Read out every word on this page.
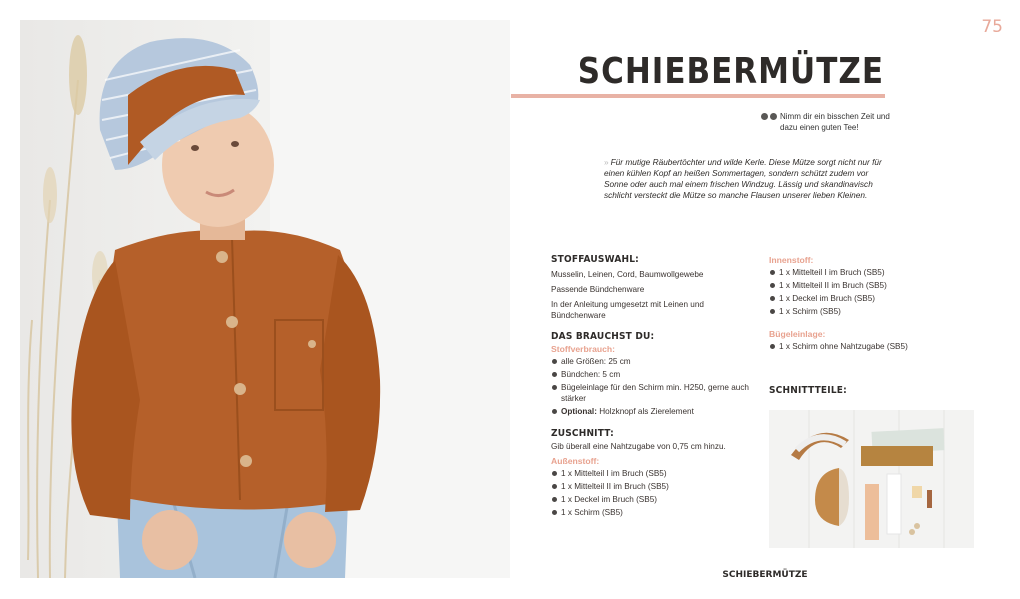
75
SCHIEBERMÜTZE
Nimm dir ein bisschen Zeit und dazu einen guten Tee!
» Für mutige Räubertöchter und wilde Kerle. Diese Mütze sorgt nicht nur für einen kühlen Kopf an heißen Sommertagen, sondern schützt zudem vor Sonne oder auch mal einem frischen Windzug. Lässig und skandinavisch schlicht versteckt die Mütze so manche Flausen unserer lieben Kleinen.
STOFFAUSWAHL:
Musselin, Leinen, Cord, Baumwollgewebe
Passende Bündchenware
In der Anleitung umgesetzt mit Leinen und Bündchenware
DAS BRAUCHST DU:
Stoffverbrauch:
alle Größen: 25 cm
Bündchen: 5 cm
Bügeleinlage für den Schirm min. H250, gerne auch stärker
Optional: Holzknopf als Zierelement
ZUSCHNITT:
Gib überall eine Nahtzugabe von 0,75 cm hinzu.
Außenstoff:
1 x Mittelteil I im Bruch (SB5)
1 x Mittelteil II im Bruch (SB5)
1 x Deckel im Bruch (SB5)
1 x Schirm (SB5)
Innenstoff:
1 x Mittelteil I im Bruch (SB5)
1 x Mittelteil II im Bruch (SB5)
1 x Deckel im Bruch (SB5)
1 x Schirm (SB5)
Bügeleinlage:
1 x Schirm ohne Nahtzugabe (SB5)
SCHNITTTEILE:
SCHIEBERMÜTZE
